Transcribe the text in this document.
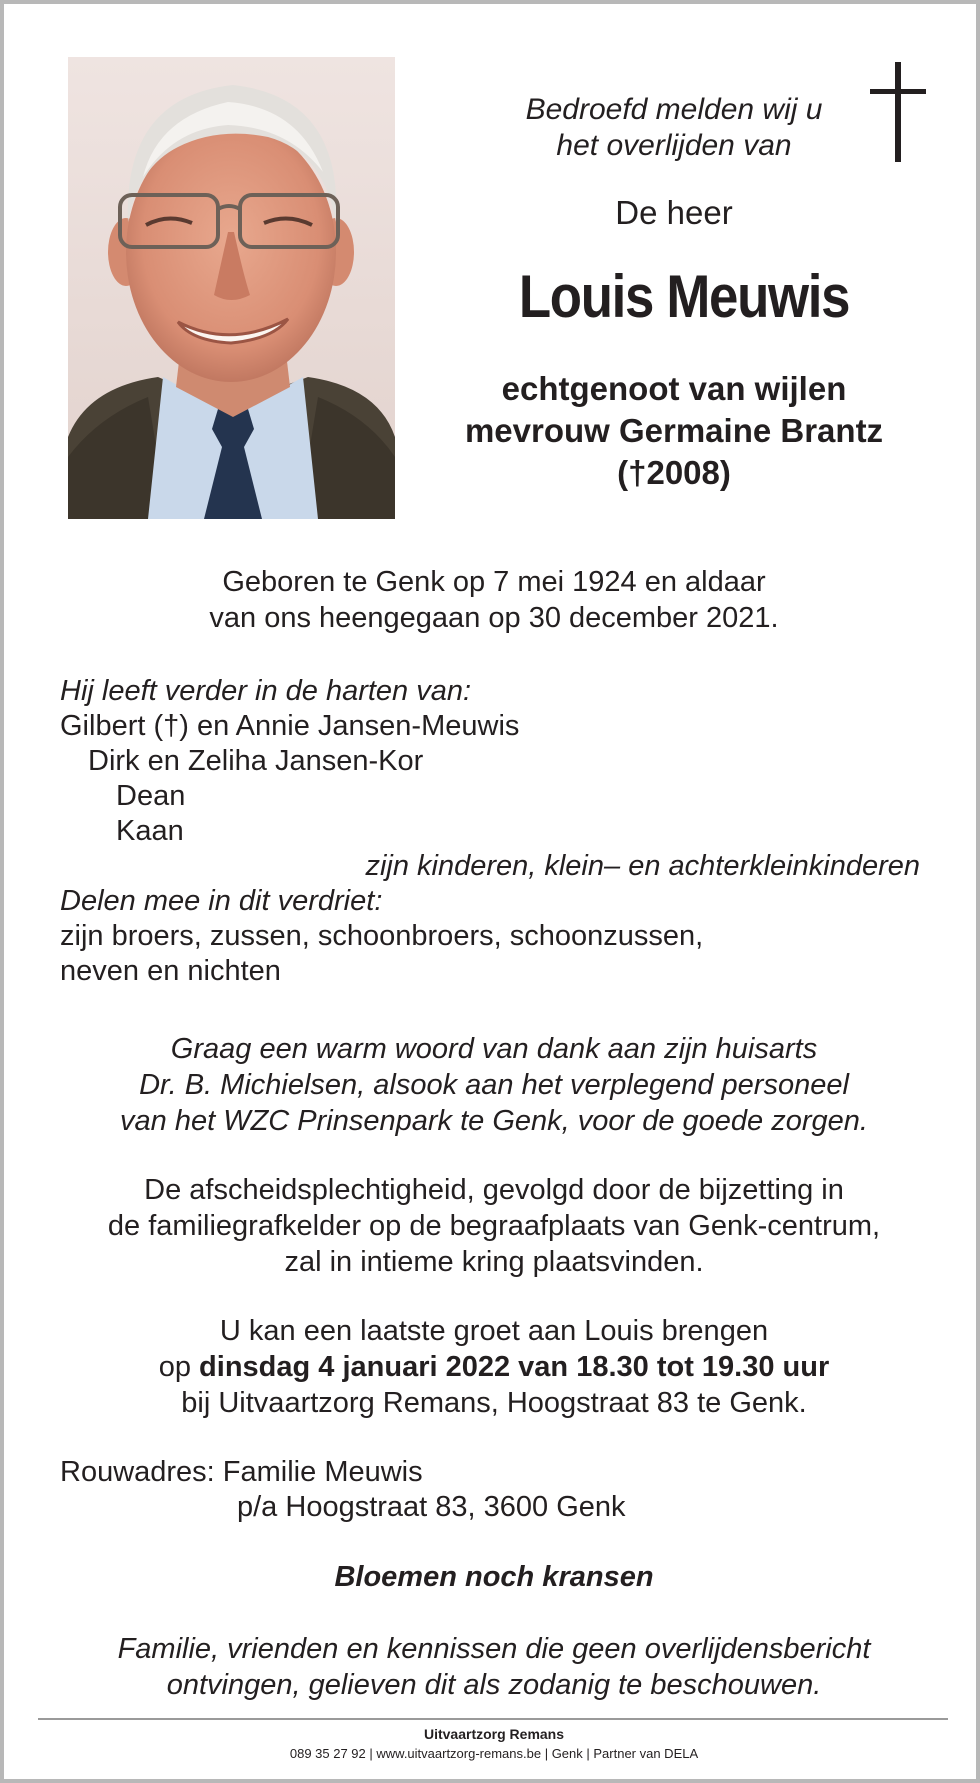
Bedroefd melden wij u
het overlijden van
De heer
Louis Meuwis
echtgenoot van wijlen
mevrouw Germaine Brantz
(†2008)
Geboren te Genk op 7 mei 1924 en aldaar
van ons heengegaan op 30 december 2021.
Hij leeft verder in de harten van:
Gilbert (†) en Annie Jansen-Meuwis
Dirk en Zeliha Jansen-Kor
Dean
Kaan
zijn kinderen, klein– en achterkleinkinderen
Delen mee in dit verdriet:
zijn broers, zussen, schoonbroers, schoonzussen,
neven en nichten
Graag een warm woord van dank aan zijn huisarts
Dr. B. Michielsen, alsook aan het verplegend personeel
van het WZC Prinsenpark te Genk, voor de goede zorgen.
De afscheidsplechtigheid, gevolgd door de bijzetting in
de familiegrafkelder op de begraafplaats van Genk-centrum,
zal in intieme kring plaatsvinden.
U kan een laatste groet aan Louis brengen
op dinsdag 4 januari 2022 van 18.30 tot 19.30 uur
bij Uitvaartzorg Remans, Hoogstraat 83 te Genk.
Rouwadres: Familie Meuwis
p/a Hoogstraat 83, 3600 Genk
Bloemen noch kransen
Familie, vrienden en kennissen die geen overlijdensbericht
ontvingen, gelieven dit als zodanig te beschouwen.
Uitvaartzorg Remans
089 35 27 92 | www.uitvaartzorg-remans.be | Genk | Partner van DELA
